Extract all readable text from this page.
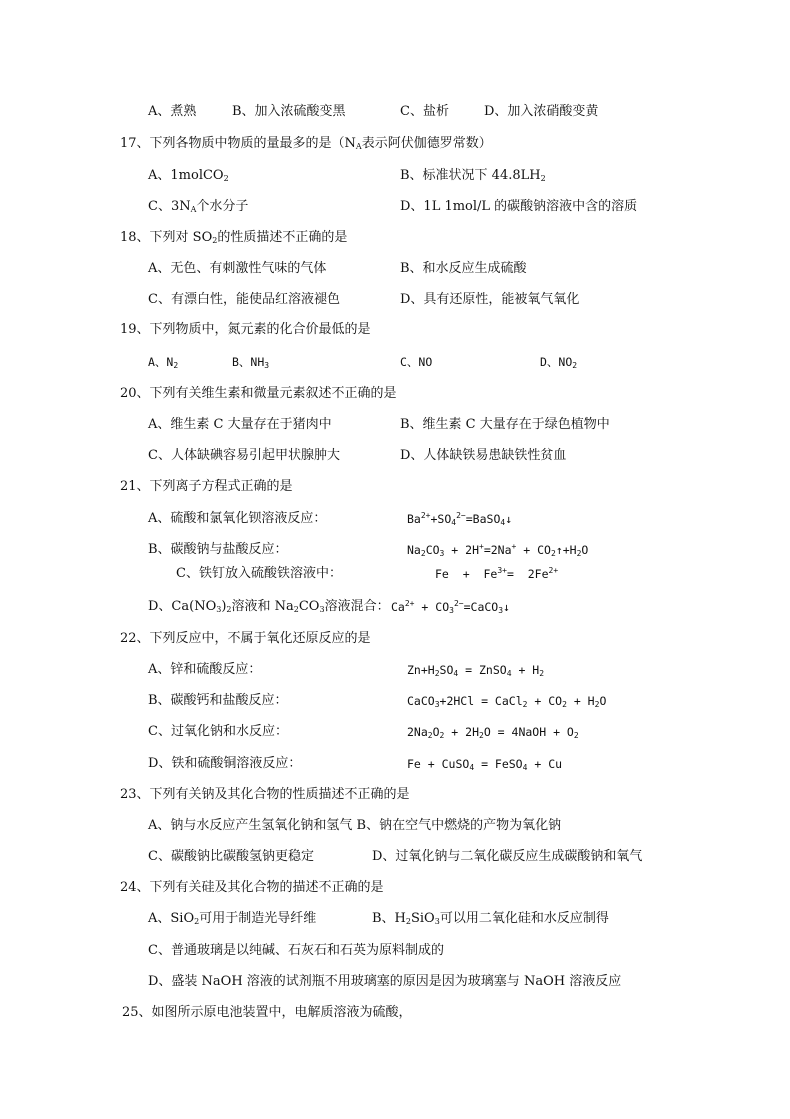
A、煮熟	B、加入浓硫酸变黑	C、盐析	D、加入浓硝酸变黄
17、下列各物质中物质的量最多的是（$N_A$表示阿伏伽德罗常数）
A、1molCO$_2$	B、标准状况下 $44.8LH_2$
C、$3N_A$个水分子	D、1L 1mol/L 的碳酸钠溶液中含的溶质
18、下列对 $SO_2$的性质描述不正确的是
A、无色、有刺激性气味的气体	B、和水反应生成硫酸
C、有漂白性，能使品红溶液褪色	D、具有还原性，能被氧气氧化
19、下列物质中，氮元素的化合价最低的是
A、$N_2$	B、$NH_3$	C、NO	D、$NO_2$
20、下列有关维生素和微量元素叙述不正确的是
A、维生素 C 大量存在于猪肉中	B、维生素 C 大量存在于绿色植物中
C、人体缺碘容易引起甲状腺肿大	D、人体缺铁易患缺铁性贫血
21、下列离子方程式正确的是
A、硫酸和氯氧化钡溶液反应：	$Ba^{2+}+SO_4^{2-}=BaSO_4↓$
B、碳酸钠与盐酸反应：	$Na_2CO_3 + 2H^+=2Na^+$ + $CO_2↑+H_2O$
C、铁钉放入硫酸铁溶液中：	$Fe + Fe^{3+}= 2Fe^{2+}$
D、$Ca(NO_3)_2$溶液和 $Na_2CO_3$溶液混合： $Ca^{2+}$ + $CO_3^{2-}=CaCO_3↓$
22、下列反应中，不属于氧化还原反应的是
A、锌和硫酸反应：	$Zn+H_2SO_4$ = ZnSO$_4$ + $H_2$
B、碳酸钙和盐酸反应：	CaCO$_3$+2HCl = CaCl$_2$ + $CO_2 + H_2O$
C、过氧化钠和水反应：	$2Na_2O_2 + 2H_2O$ = 4NaOH + $O_2$
D、铁和硫酸铜溶液反应：	Fe + CuSO$_4$ = FeSO$_4$ + Cu
23、下列有关钠及其化合物的性质描述不正确的是
A、钠与水反应产生氢氧化钠和氢气 B、钠在空气中燃烧的产物为氧化钠
C、碳酸钠比碳酸氢钠更稳定	D、过氧化钠与二氧化碳反应生成碳酸钠和氧气
24、下列有关硅及其化合物的描述不正确的是
A、SiO$_2$可用于制造光导纤维	B、$H_2SiO_3$可以用二氧化硅和水反应制得
C、普通玻璃是以纯碱、石灰石和石英为原料制成的
D、盛装 NaOH 溶液的试剂瓶不用玻璃塞的原因是因为玻璃塞与 NaOH 溶液反应
25、如图所示原电池装置中，电解质溶液为硫酸，
